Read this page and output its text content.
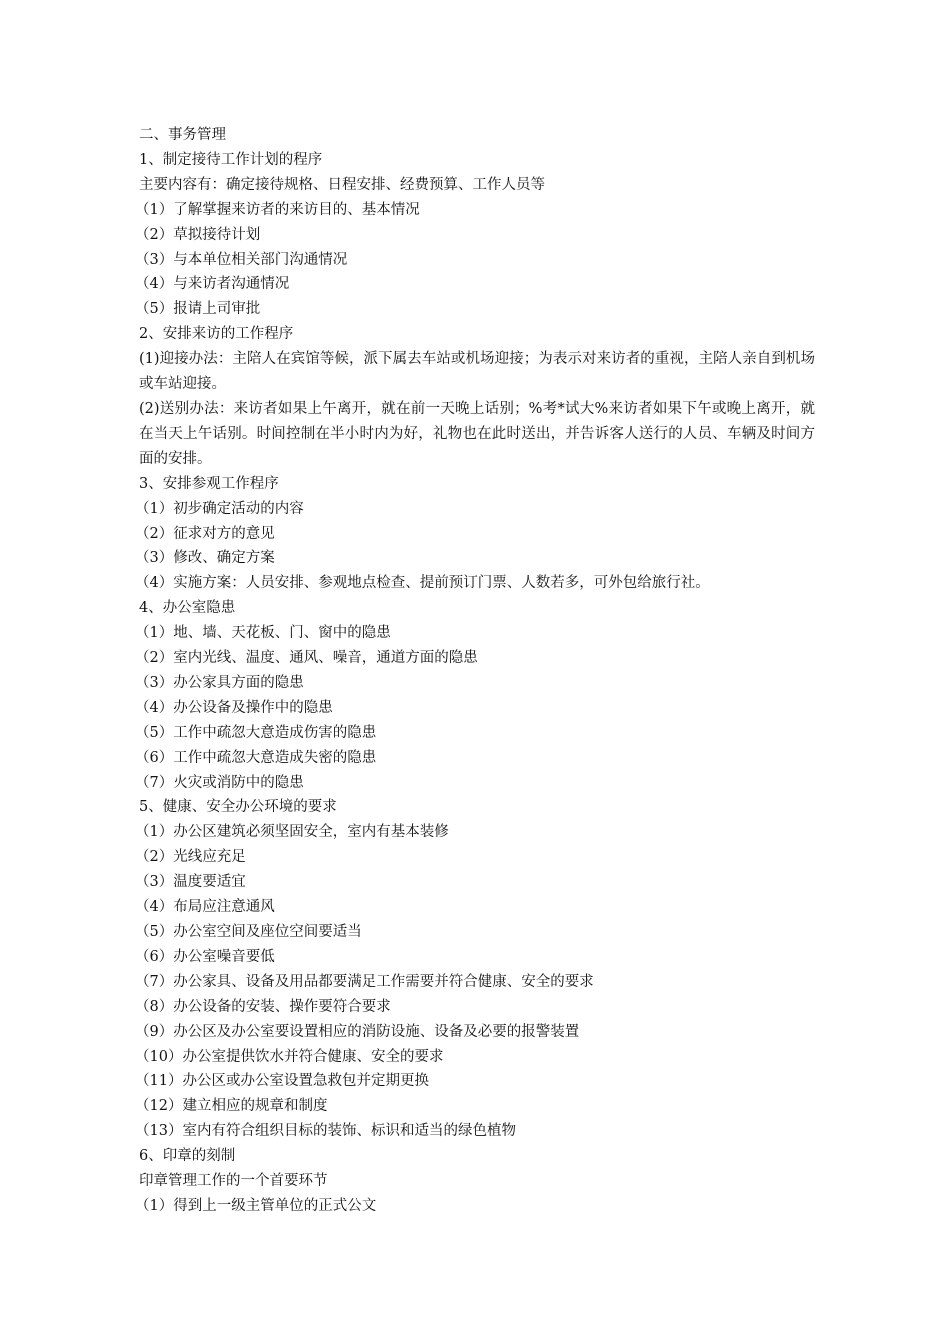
二、事务管理
1、制定接待工作计划的程序
主要内容有：确定接待规格、日程安排、经费预算、工作人员等
（1）了解掌握来访者的来访目的、基本情况
（2）草拟接待计划
（3）与本单位相关部门沟通情况
（4）与来访者沟通情况
（5）报请上司审批
2、安排来访的工作程序
(1)迎接办法：主陪人在宾馆等候，派下属去车站或机场迎接；为表示对来访者的重视，主陪人亲自到机场或车站迎接。
(2)送别办法：来访者如果上午离开，就在前一天晚上话别；%考*试大%来访者如果下午或晚上离开，就在当天上午话别。时间控制在半小时内为好，礼物也在此时送出，并告诉客人送行的人员、车辆及时间方面的安排。
3、安排参观工作程序
（1）初步确定活动的内容
（2）征求对方的意见
（3）修改、确定方案
（4）实施方案：人员安排、参观地点检查、提前预订门票、人数若多，可外包给旅行社。
4、办公室隐患
（1）地、墙、天花板、门、窗中的隐患
（2）室内光线、温度、通风、噪音，通道方面的隐患
（3）办公家具方面的隐患
（4）办公设备及操作中的隐患
（5）工作中疏忽大意造成伤害的隐患
（6）工作中疏忽大意造成失密的隐患
（7）火灾或消防中的隐患
5、健康、安全办公环境的要求
（1）办公区建筑必须坚固安全，室内有基本装修
（2）光线应充足
（3）温度要适宜
（4）布局应注意通风
（5）办公室空间及座位空间要适当
（6）办公室噪音要低
（7）办公家具、设备及用品都要满足工作需要并符合健康、安全的要求
（8）办公设备的安装、操作要符合要求
（9）办公区及办公室要设置相应的消防设施、设备及必要的报警装置
（10）办公室提供饮水并符合健康、安全的要求
（11）办公区或办公室设置急救包并定期更换
（12）建立相应的规章和制度
（13）室内有符合组织目标的装饰、标识和适当的绿色植物
6、印章的刻制
印章管理工作的一个首要环节
（1）得到上一级主管单位的正式公文
